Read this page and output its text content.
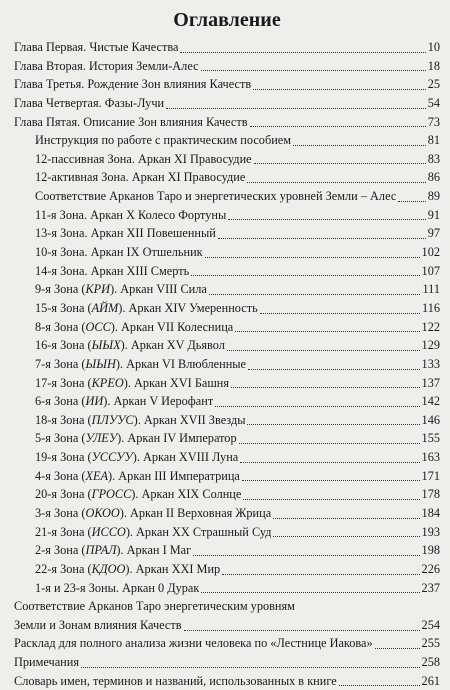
Оглавление
Глава Первая. Чистые Качества	10
Глава Вторая. История Земли-Алес	18
Глава Третья. Рождение Зон влияния Качеств	25
Глава Четвертая. Фазы-Лучи	54
Глава Пятая. Описание Зон влияния Качеств	73
Инструкция по работе с практическим пособием	81
12-пассивная Зона. Аркан XI Правосудие	83
12-активная Зона. Аркан XI Правосудие	86
Соответствие Арканов Таро и энергетических уровней Земли – Алес	89
11-я Зона. Аркан X Колесо Фортуны	91
13-я Зона. Аркан XII Повешенный	97
10-я Зона. Аркан IX Отшельник	102
14-я Зона. Аркан XIII Смерть	107
9-я Зона (КРИ). Аркан VIII Сила	111
15-я Зона (АЙМ). Аркан XIV Умеренность	116
8-я Зона (ОСС). Аркан VII Колесница	122
16-я Зона (ЫЫХ). Аркан XV Дьявол	129
7-я Зона (ЫЫН). Аркан VI Влюбленные	133
17-я Зона (КРЕО). Аркан XVI Башня	137
6-я Зона (ИИ). Аркан V Иерофант	142
18-я Зона (ПЛУУС). Аркан XVII Звезды	146
5-я Зона (УЛЕУ). Аркан IV Император	155
19-я Зона (УССУУ). Аркан XVIII Луна	163
4-я Зона (ХЕА). Аркан III Императрица	171
20-я Зона (ГРОСС). Аркан XIX Солнце	178
3-я Зона (ОКОО). Аркан II Верховная Жрица	184
21-я Зона (ИССО). Аркан XX Страшный Суд	193
2-я Зона (ПРАЛ). Аркан I Маг	198
22-я Зона (КДОО). Аркан XXI Мир	226
1-я и 23-я Зоны. Аркан 0 Дурак	237
Соответствие Арканов Таро энергетическим уровням
Земли и Зонам влияния Качеств	254
Расклад для полного анализа жизни человека по «Лестнице Иакова»	255
Примечания	258
Словарь имен, терминов и названий, использованных в книге	261
